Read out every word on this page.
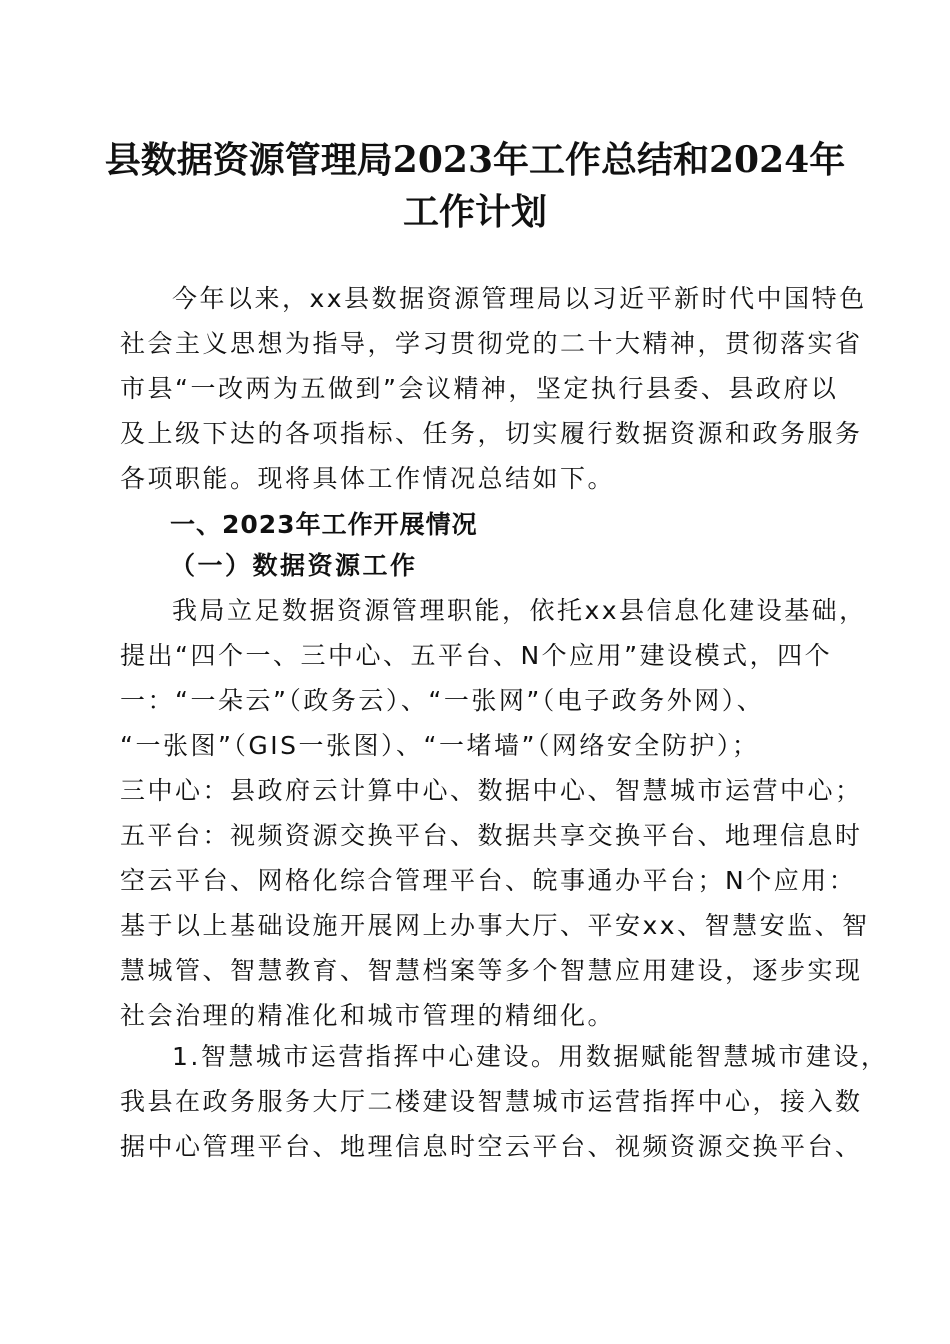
县数据资源管理局2023年工作总结和2024年
工作计划
今年以来，xx县数据资源管理局以习近平新时代中国特色
社会主义思想为指导，学习贯彻党的二十大精神，贯彻落实省
市县“一改两为五做到”会议精神，坚定执行县委、县政府以
及上级下达的各项指标、任务，切实履行数据资源和政务服务
各项职能。现将具体工作情况总结如下。
一、2023年工作开展情况
（一）数据资源工作
我局立足数据资源管理职能，依托xx县信息化建设基础，
提出“四个一、三中心、五平台、N个应用”建设模式，四个
一：“一朵云”（政务云）、“一张网”（电子政务外网）、
“一张图”（GIS一张图）、“一堵墙”（网络安全防护）；
三中心：县政府云计算中心、数据中心、智慧城市运营中心；
五平台：视频资源交换平台、数据共享交换平台、地理信息时
空云平台、网格化综合管理平台、皖事通办平台；N个应用：
基于以上基础设施开展网上办事大厅、平安xx、智慧安监、智
慧城管、智慧教育、智慧档案等多个智慧应用建设，逐步实现
社会治理的精准化和城市管理的精细化。
1.智慧城市运营指挥中心建设。用数据赋能智慧城市建设，
我县在政务服务大厅二楼建设智慧城市运营指挥中心，接入数
据中心管理平台、地理信息时空云平台、视频资源交换平台、
